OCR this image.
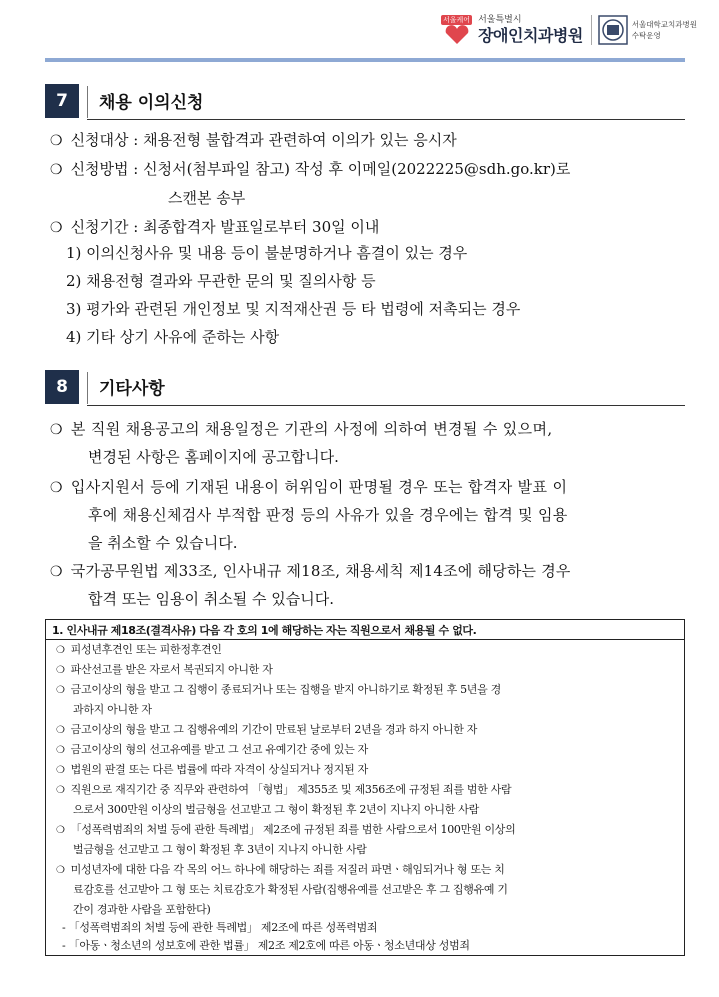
서울케어 서울특별시
장애인치과병원
서울대학교치과병원
수탁운영
7	채용 이의신청
❍ 신청대상 : 채용전형 불합격과 관련하여 이의가 있는 응시자
❍ 신청방법 : 신청서(첨부파일 참고) 작성 후 이메일(2022225@sdh.go.kr)로
스캔본 송부
❍ 신청기간 : 최종합격자 발표일로부터 30일 이내
1) 이의신청사유 및 내용 등이 불분명하거나 흠결이 있는 경우
2) 채용전형 결과와 무관한 문의 및 질의사항 등
3) 평가와 관련된 개인정보 및 지적재산권 등 타 법령에 저촉되는 경우
4) 기타 상기 사유에 준하는 사항
8	기타사항
❍ 본 직원 채용공고의 채용일정은 기관의 사정에 의하여 변경될 수 있으며,
변경된 사항은 홈페이지에 공고합니다.
❍ 입사지원서 등에 기재된 내용이 허위임이 판명될 경우 또는 합격자 발표 이
후에 채용신체검사 부적합 판정 등의 사유가 있을 경우에는 합격 및 임용
을 취소할 수 있습니다.
❍ 국가공무원법 제33조, 인사내규 제18조, 채용세칙 제14조에 해당하는 경우
합격 또는 임용이 취소될 수 있습니다.
1. 인사내규 제18조(결격사유) 다음 각 호의 1에 해당하는 자는 직원으로서 채용될 수 없다.
❍ 피성년후견인 또는 피한정후견인
❍ 파산선고를 받은 자로서 복권되지 아니한 자
❍ 금고이상의 형을 받고 그 집행이 종료되거나 또는 집행을 받지 아니하기로 확정된 후 5년을 경
과하지 아니한 자
❍ 금고이상의 형을 받고 그 집행유예의 기간이 만료된 날로부터 2년을 경과 하지 아니한 자
❍ 금고이상의 형의 선고유예를 받고 그 선고 유예기간 중에 있는 자
❍ 법원의 판결 또는 다른 법률에 따라 자격이 상실되거나 정지된 자
❍ 직원으로 재직기간 중 직무와 관련하여 「형법」 제355조 및 제356조에 규정된 죄를 범한 사람
으로서 300만원 이상의 벌금형을 선고받고 그 형이 확정된 후 2년이 지나지 아니한 사람
❍ 「성폭력범죄의 처벌 등에 관한 특례법」 제2조에 규정된 죄를 범한 사람으로서 100만원 이상의
벌금형을 선고받고 그 형이 확정된 후 3년이 지나지 아니한 사람
❍ 미성년자에 대한 다음 각 목의 어느 하나에 해당하는 죄를 저질러 파면ㆍ해임되거나 형 또는 치
료감호를 선고받아 그 형 또는 치료감호가 확정된 사람(집행유예를 선고받은 후 그 집행유예 기
간이 경과한 사람을 포함한다)
- 「성폭력범죄의 처벌 등에 관한 특례법」 제2조에 따른 성폭력범죄
- 「아동ㆍ청소년의 성보호에 관한 법률」 제2조 제2호에 따른 아동ㆍ청소년대상 성범죄
